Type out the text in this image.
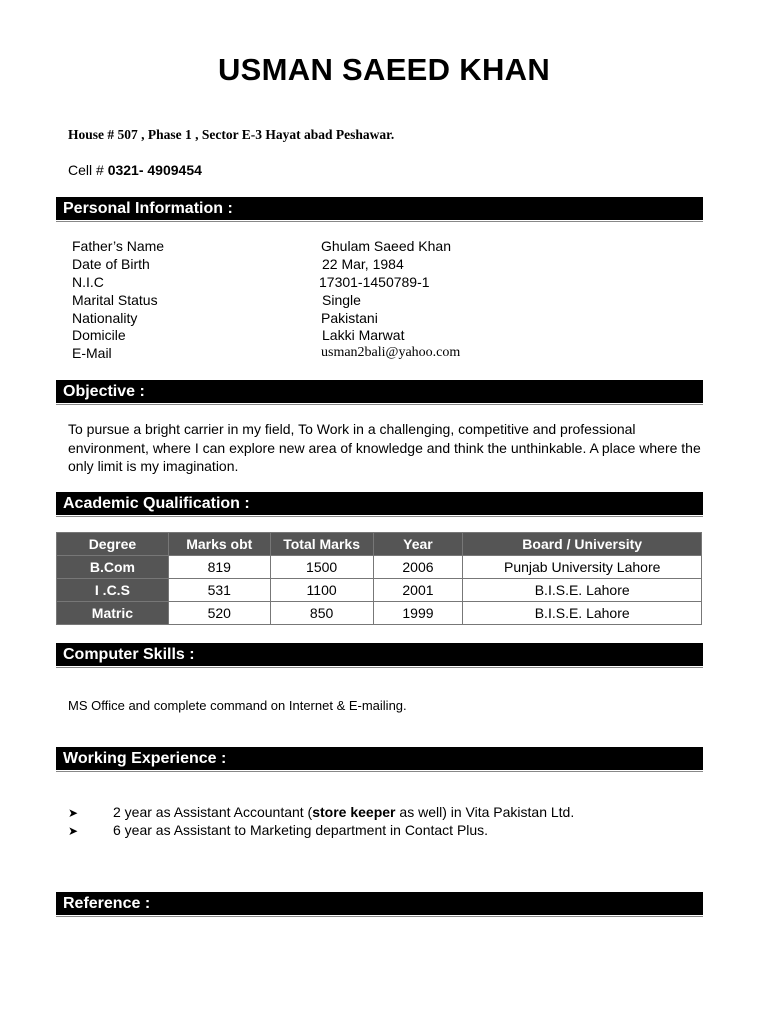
USMAN SAEED KHAN
House # 507 , Phase 1 , Sector E-3 Hayat abad Peshawar.
Cell # 0321- 4909454
Personal Information :
Father’s Name	Ghulam Saeed Khan
Date of Birth	22 Mar, 1984
N.I.C	17301-1450789-1
Marital Status	Single
Nationality	Pakistani
Domicile	Lakki Marwat
E-Mail	usman2bali@yahoo.com
Objective :
To pursue a bright carrier in my field, To Work in a challenging, competitive and professional environment, where I can explore new area of knowledge and think the unthinkable. A place where the only limit is my imagination.
Academic Qualification :
Degree	Marks obt	Total Marks	Year	Board / University
B.Com	819	1500	2006	Punjab University Lahore
I .C.S	531	1100	2001	B.I.S.E. Lahore
Matric	520	850	1999	B.I.S.E. Lahore
Computer Skills :
MS Office and complete command on Internet & E-mailing.
Working Experience :
➤ 2 year as Assistant Accountant (store keeper as well) in Vita Pakistan Ltd.
➤ 6 year as Assistant to Marketing department in Contact Plus.
Reference :
